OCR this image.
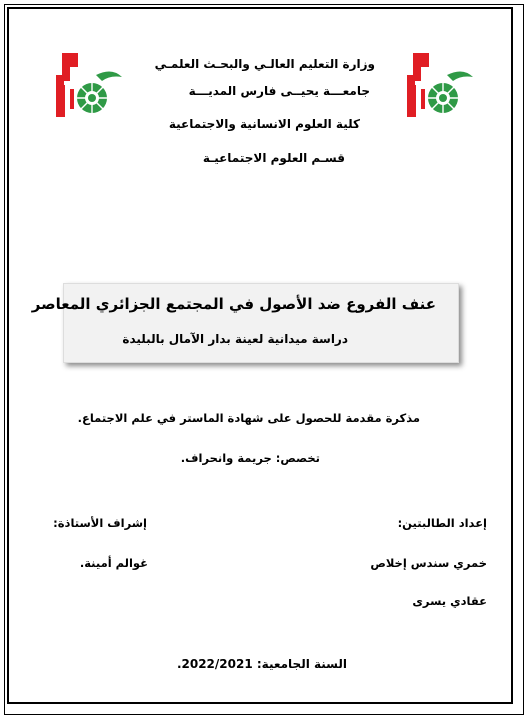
وزارة التعليم العالـي والبحـث العلمـي
جامعـــة يحيــى فارس المديـــة
كلية العلوم الانسانية والاجتماعية
قسـم العلوم الاجتماعيـة
عنف الفروع ضد الأصول في المجتمع الجزائري المعاصر
دراسة ميدانية لعينة بدار الآمال بالبليدة
مذكرة مقدمة للحصول على شهادة الماستر في علم الاجتماع.
تخصص: جريمة وانحراف.
إعداد الطالبتين:
إشراف الأستاذة:
خمري سندس إخلاص
غوالم أمينة.
عقادي يسرى
السنة الجامعية: 2022/2021.
